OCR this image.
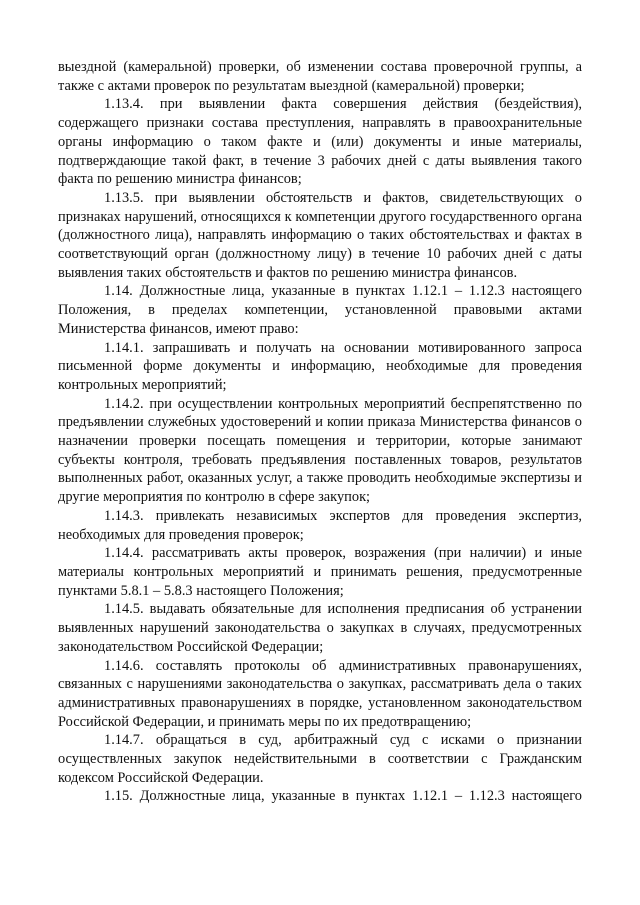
выездной (камеральной) проверки, об изменении состава проверочной группы, а также с актами проверок по результатам выездной (камеральной) проверки;

1.13.4. при выявлении факта совершения действия (бездействия), содержащего признаки состава преступления, направлять в правоохранительные органы информацию о таком факте и (или) документы и иные материалы, подтверждающие такой факт, в течение 3 рабочих дней с даты выявления такого факта по решению министра финансов;

1.13.5. при выявлении обстоятельств и фактов, свидетельствующих о признаках нарушений, относящихся к компетенции другого государственного органа (должностного лица), направлять информацию о таких обстоятельствах и фактах в соответствующий орган (должностному лицу) в течение 10 рабочих дней с даты выявления таких обстоятельств и фактов по решению министра финансов.

1.14. Должностные лица, указанные в пунктах 1.12.1 – 1.12.3 настоящего Положения, в пределах компетенции, установленной правовыми актами Министерства финансов, имеют право:

1.14.1. запрашивать и получать на основании мотивированного запроса письменной форме документы и информацию, необходимые для проведения контрольных мероприятий;

1.14.2. при осуществлении контрольных мероприятий беспрепятственно по предъявлении служебных удостоверений и копии приказа Министерства финансов о назначении проверки посещать помещения и территории, которые занимают субъекты контроля, требовать предъявления поставленных товаров, результатов выполненных работ, оказанных услуг, а также проводить необходимые экспертизы и другие мероприятия по контролю в сфере закупок;

1.14.3. привлекать независимых экспертов для проведения экспертиз, необходимых для проведения проверок;

1.14.4. рассматривать акты проверок, возражения (при наличии) и иные материалы контрольных мероприятий и принимать решения, предусмотренные пунктами 5.8.1 – 5.8.3 настоящего Положения;

1.14.5. выдавать обязательные для исполнения предписания об устранении выявленных нарушений законодательства о закупках в случаях, предусмотренных законодательством Российской Федерации;

1.14.6. составлять протоколы об административных правонарушениях, связанных с нарушениями законодательства о закупках, рассматривать дела о таких административных правонарушениях в порядке, установленном законодательством Российской Федерации, и принимать меры по их предотвращению;

1.14.7. обращаться в суд, арбитражный суд с исками о признании осуществленных закупок недействительными в соответствии с Гражданским кодексом Российской Федерации.

1.15. Должностные лица, указанные в пунктах 1.12.1 – 1.12.3 настоящего
